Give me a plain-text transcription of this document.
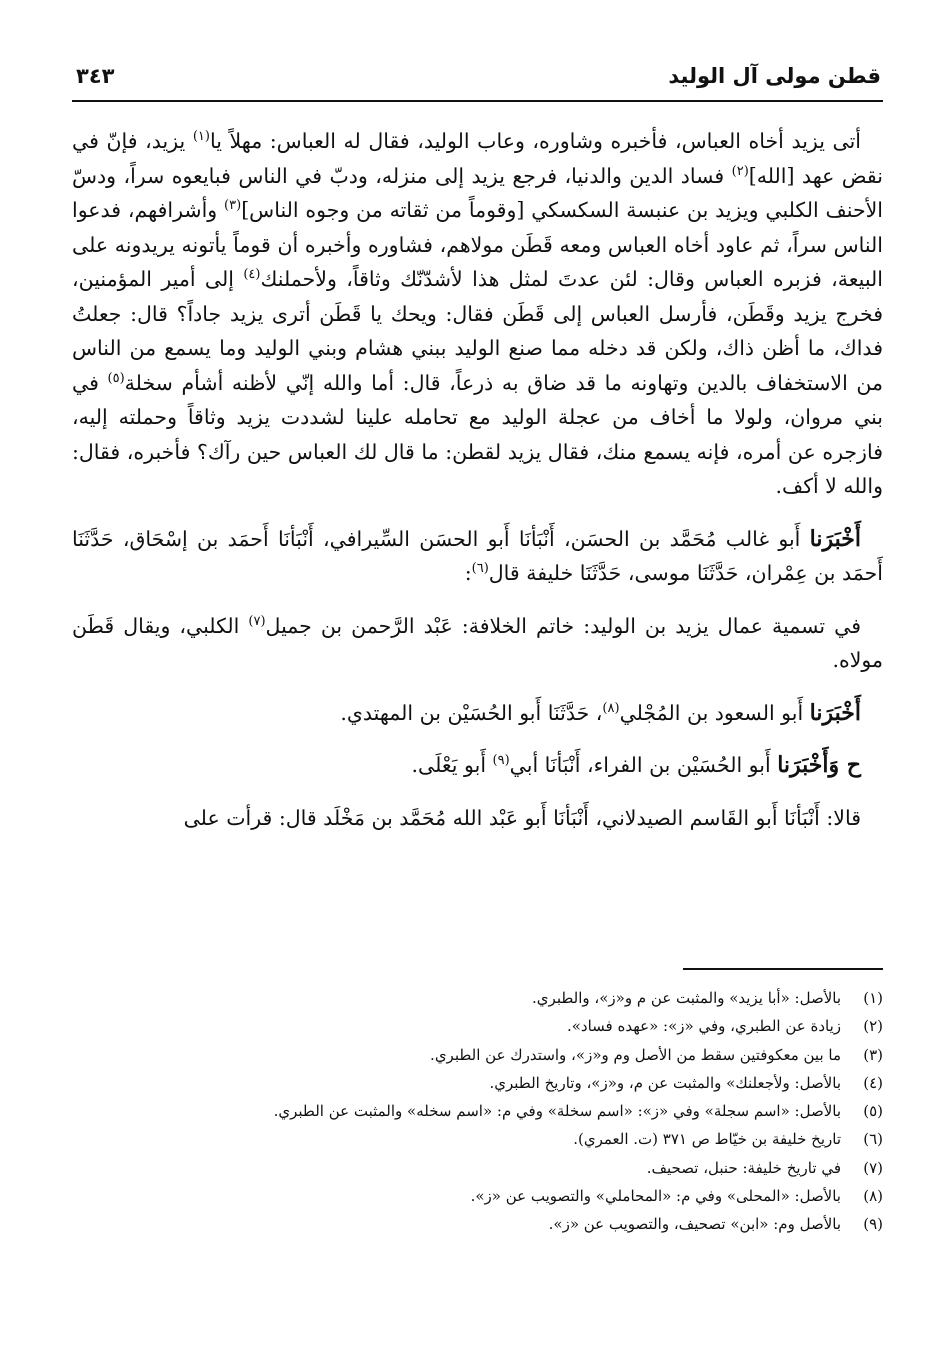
قطن مولى آل الوليد
٣٤٣

أتى يزيد أخاه العباس، فأخبره وشاوره، وعاب الوليد، فقال له العباس: مهلاً يا$^{(١)}$ يزيد، فإنّ في نقض عهد [الله]$^{(٢)}$ فساد الدين والدنيا، فرجع يزيد إلى منزله، ودبّ في الناس فبايعوه سراً، ودسّ الأحنف الكلبي ويزيد بن عنبسة السكسكي [وقوماً من ثقاته من وجوه الناس]$^{(٣)}$ وأشرافهم، فدعوا الناس سراً، ثم عاود أخاه العباس ومعه قَطَن مولاهم، فشاوره وأخبره أن قوماً يأتونه يريدونه على البيعة، فزبره العباس وقال: لئن عدتَ لمثل هذا لأشدّنّك وثاقاً، ولأحملنك$^{(٤)}$ إلى أمير المؤمنين، فخرج يزيد وقَطَن، فأرسل العباس إلى قَطَن فقال: ويحك يا قَطَن أترى يزيد جاداً؟ قال: جعلتُ فداك، ما أظن ذاك، ولكن قد دخله مما صنع الوليد ببني هشام وبني الوليد وما يسمع من الناس من الاستخفاف بالدين وتهاونه ما قد ضاق به ذرعاً، قال: أما والله إنّي لأظنه أشأم سخلة$^{(٥)}$ في بني مروان، ولولا ما أخاف من عجلة الوليد مع تحامله علينا لشددت يزيد وثاقاً وحملته إليه، فازجره عن أمره، فإنه يسمع منك، فقال يزيد لقطن: ما قال لك العباس حين رآك؟ فأخبره، فقال: والله لا أكف.

أَخْبَرَنا أَبو غالب مُحَمَّد بن الحسَن، أَنْبَأنَا أَبو الحسَن السِّيرافي، أَنْبَأنَا أَحمَد بن إسْحَاق، حَدَّثَنَا أَحمَد بن عِمْران، حَدَّثَنَا موسى، حَدَّثَنَا خليفة قال$^{(٦)}$:

في تسمية عمال يزيد بن الوليد: خاتم الخلافة: عَبْد الرَّحمن بن جميل$^{(٧)}$ الكلبي، ويقال قَطَن مولاه.

أَخْبَرَنا أَبو السعود بن المُجْلي$^{(٨)}$، حَدَّثَنَا أَبو الحُسَيْن بن المهتدي.

ح وَأَخْبَرَنا أَبو الحُسَيْن بن الفراء، أَنْبَأنَا أبي$^{(٩)}$ أَبو يَعْلَى.

قالا: أَنْبَأنَا أَبو القَاسم الصيدلاني، أَنْبَأنَا أَبو عَبْد الله مُحَمَّد بن مَخْلَد قال: قرأت على

(١)
بالأصل: «أبا يزيد» والمثبت عن م و«ز»، والطبري.
(٢)
زيادة عن الطبري، وفي «ز»: «عهده فساد».
(٣)
ما بين معكوفتين سقط من الأصل وم و«ز»، واستدرك عن الطبري.
(٤)
بالأصل: ولأجعلنك» والمثبت عن م، و«ز»، وتاريخ الطبري.
(٥)
بالأصل: «اسم سجلة» وفي «ز»: «اسم سخلة» وفي م: «اسم سخله» والمثبت عن الطبري.
(٦)
تاريخ خليفة بن خيّاط ص ٣٧١ (ت. العمري).
(٧)
في تاريخ خليفة: حنبل، تصحيف.
(٨)
بالأصل: «المحلى» وفي م: «المحاملي» والتصويب عن «ز».
(٩)
بالأصل وم: «ابن» تصحيف، والتصويب عن «ز».
